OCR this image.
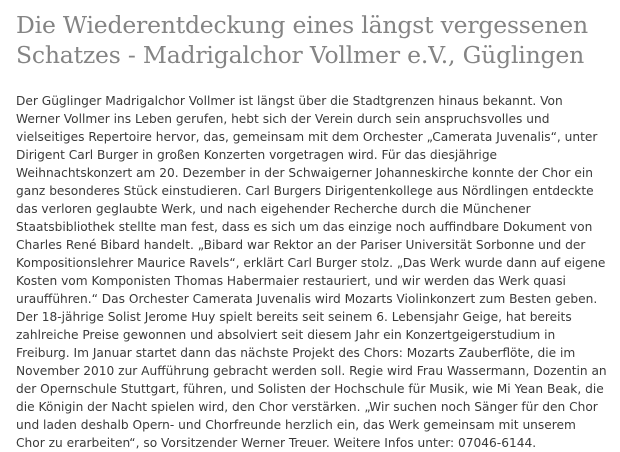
Die Wiederentdeckung eines längst vergessenen Schatzes - Madrigalchor Vollmer e.V., Güglingen

Der Güglinger Madrigalchor Vollmer ist längst über die Stadtgrenzen hinaus bekannt. Von Werner Vollmer ins Leben gerufen, hebt sich der Verein durch sein anspruchsvolles und vielseitiges Repertoire hervor, das, gemeinsam mit dem Orchester „Camerata Juvenalis“, unter Dirigent Carl Burger in großen Konzerten vorgetragen wird. Für das diesjährige Weihnachtskonzert am 20. Dezember in der Schwaigerner Johanneskirche konnte der Chor ein ganz besonderes Stück einstudieren. Carl Burgers Dirigentenkollege aus Nördlingen entdeckte das verloren geglaubte Werk, und nach eigehender Recherche durch die Münchener Staatsbibliothek stellte man fest, dass es sich um das einzige noch auffindbare Dokument von Charles René Bibard handelt. „Bibard war Rektor an der Pariser Universität Sorbonne und der Kompositionslehrer Maurice Ravels“, erklärt Carl Burger stolz. „Das Werk wurde dann auf eigene Kosten vom Komponisten Thomas Habermaier restauriert, und wir werden das Werk quasi uraufführen.“ Das Orchester Camerata Juvenalis wird Mozarts Violinkonzert zum Besten geben. Der 18-jährige Solist Jerome Huy spielt bereits seit seinem 6. Lebensjahr Geige, hat bereits zahlreiche Preise gewonnen und absolviert seit diesem Jahr ein Konzertgeigerstudium in Freiburg. Im Januar startet dann das nächste Projekt des Chors: Mozarts Zauberflöte, die im November 2010 zur Aufführung gebracht werden soll. Regie wird Frau Wassermann, Dozentin an der Opernschule Stuttgart, führen, und Solisten der Hochschule für Musik, wie Mi Yean Beak, die die Königin der Nacht spielen wird, den Chor verstärken. „Wir suchen noch Sänger für den Chor und laden deshalb Opern- und Chorfreunde herzlich ein, das Werk gemeinsam mit unserem Chor zu erarbeiten“, so Vorsitzender Werner Treuer. Weitere Infos unter: 07046-6144.
